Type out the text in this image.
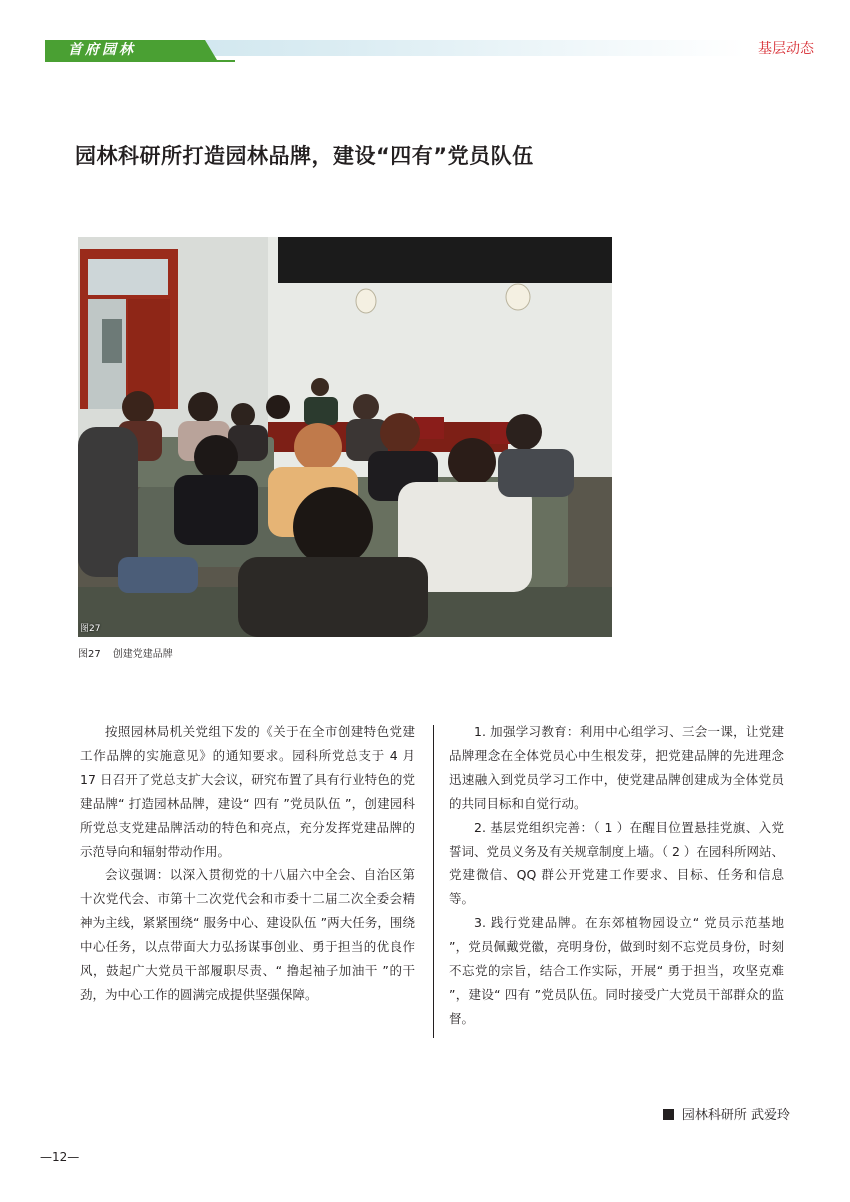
首府园林	基层动态
园林科研所打造园林品牌，建设“四有”党员队伍
图27
图27 创建党建品牌

按照园林局机关党组下发的《关于在全市创建特色党建工作品牌的实施意见》的通知要求。园科所党总支于 4 月 17 日召开了党总支扩大会议，研究布置了具有行业特色的党建品牌“ 打造园林品牌，建设“ 四有 ”党员队伍 ”，创建园科所党总支党建品牌活动的特色和亮点，充分发挥党建品牌的示范导向和辐射带动作用。

会议强调：以深入贯彻党的十八届六中全会、自治区第十次党代会、市第十二次党代会和市委十二届二次全委会精神为主线，紧紧围绕“ 服务中心、建设队伍 ”两大任务，围绕中心任务，以点带面大力弘扬谋事创业、勇于担当的优良作风，鼓起广大党员干部履职尽责、“ 撸起袖子加油干 ”的干劲，为中心工作的圆满完成提供坚强保障。

1. 加强学习教育：利用中心组学习、三会一课，让党建品牌理念在全体党员心中生根发芽，把党建品牌的先进理念迅速融入到党员学习工作中，使党建品牌创建成为全体党员的共同目标和自觉行动。

2. 基层党组织完善：（ 1 ）在醒目位置悬挂党旗、入党誓词、党员义务及有关规章制度上墙。（ 2 ）在园科所网站、党建微信、QQ 群公开党建工作要求、目标、任务和信息等。

3. 践行党建品牌。在东郊植物园设立“ 党员示范基地 ”，党员佩戴党徽，亮明身份，做到时刻不忘党员身份，时刻不忘党的宗旨，结合工作实际，开展“ 勇于担当，攻坚克难 ”，建设“ 四有 ”党员队伍。同时接受广大党员干部群众的监督。

园林科研所 武爱玲
—12—
